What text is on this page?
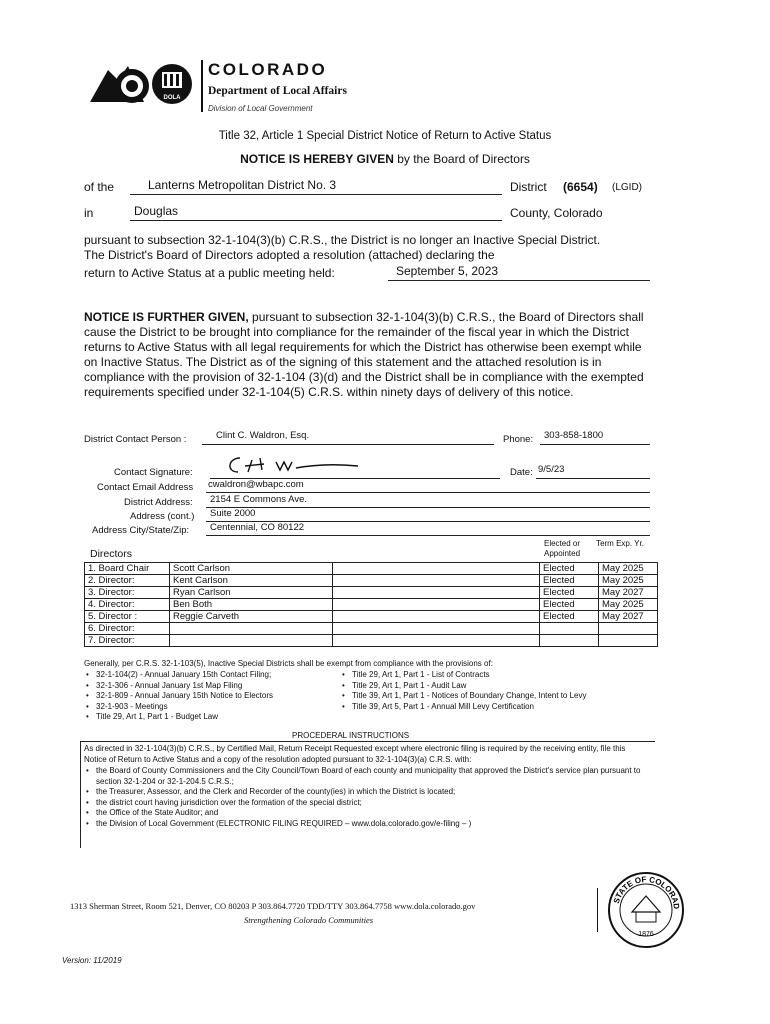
DOLA
COLORADO
Department of Local Affairs
Division of Local Government
Title 32, Article 1 Special District Notice of Return to Active Status
NOTICE IS HEREBY GIVEN by the Board of Directors
of the	Lanterns Metropolitan District No. 3	District (6654) (LGID)
in	Douglas	County, Colorado
pursuant to subsection 32-1-104(3)(b) C.R.S., the District is no longer an Inactive Special District.
The District's Board of Directors adopted a resolution (attached) declaring the
return to Active Status at a public meeting held:	September 5, 2023
NOTICE IS FURTHER GIVEN, pursuant to subsection 32-1-104(3)(b) C.R.S., the Board of Directors shall cause the District to be brought into compliance for the remainder of the fiscal year in which the District returns to Active Status with all legal requirements for which the District has otherwise been exempt while on Inactive Status. The District as of the signing of this statement and the attached resolution is in compliance with the provision of 32-1-104 (3)(d) and the District shall be in compliance with the exempted requirements specified under 32-1-104(5) C.R.S. within ninety days of delivery of this notice.
District Contact Person :	Clint C. Waldron, Esq.	Phone:	303-858-1800
Contact Signature:	Date: 9/5/23
Contact Email Address cwaldron@wbapc.com
District Address:	2154 E Commons Ave.
Address (cont.)	Suite 2000
Address City/State/Zip:	Centennial, CO 80122
Directors
Elected or Appointed
Term Exp. Yr.
1. Board Chair	Scott Carlson		Elected	May 2025
2. Director:	Kent Carlson		Elected	May 2025
3. Director:	Ryan Carlson		Elected	May 2027
4. Director:	Ben Both		Elected	May 2025
5. Director :	Reggie Carveth		Elected	May 2027
6. Director:				
7. Director:				
Generally, per C.R.S. 32-1-103(5), Inactive Special Districts shall be exempt from compliance with the provisions of:
• 32-1-104(2) - Annual January 15th Contact Filing;
• 32-1-306 - Annual January 1st Map Filing
• 32-1-809 - Annual January 15th Notice to Electors
• 32-1-903 - Meetings
• Title 29, Art 1, Part 1 - Budget Law
• Title 29, Art 1, Part 1 - List of Contracts
• Title 29, Art 1, Part 1 - Audit Law
• Title 39, Art 1, Part 1 - Notices of Boundary Change, Intent to Levy
• Title 39, Art 5, Part 1 - Annual Mill Levy Certification
PROCEDERAL INSTRUCTIONS
As directed in 32-1-104(3)(b) C.R.S., by Certified Mail, Return Receipt Requested except where electronic filing is required by the receiving entity, file this Notice of Return to Active Status and a copy of the resolution adopted pursuant to 32-1-104(3)(a) C.R.S. with:
• the Board of County Commissioners and the City Council/Town Board of each county and municipality that approved the District's service plan pursuant to section 32-1-204 or 32-1-204.5 C.R.S.;
• the Treasurer, Assessor, and the Clerk and Recorder of the county(ies) in which the District is located;
• the district court having jurisdiction over the formation of the special district;
• the Office of the State Auditor; and
• the Division of Local Government (ELECTRONIC FILING REQUIRED – www.dola.colorado.gov/e-filing – )
1313 Sherman Street, Room 521, Denver, CO 80203 P 303.864.7720 TDD/TTY 303.864.7758 www.dola.colorado.gov
Strengthening Colorado Communities
STATE OF COLORAD
1876
Version: 11/2019
